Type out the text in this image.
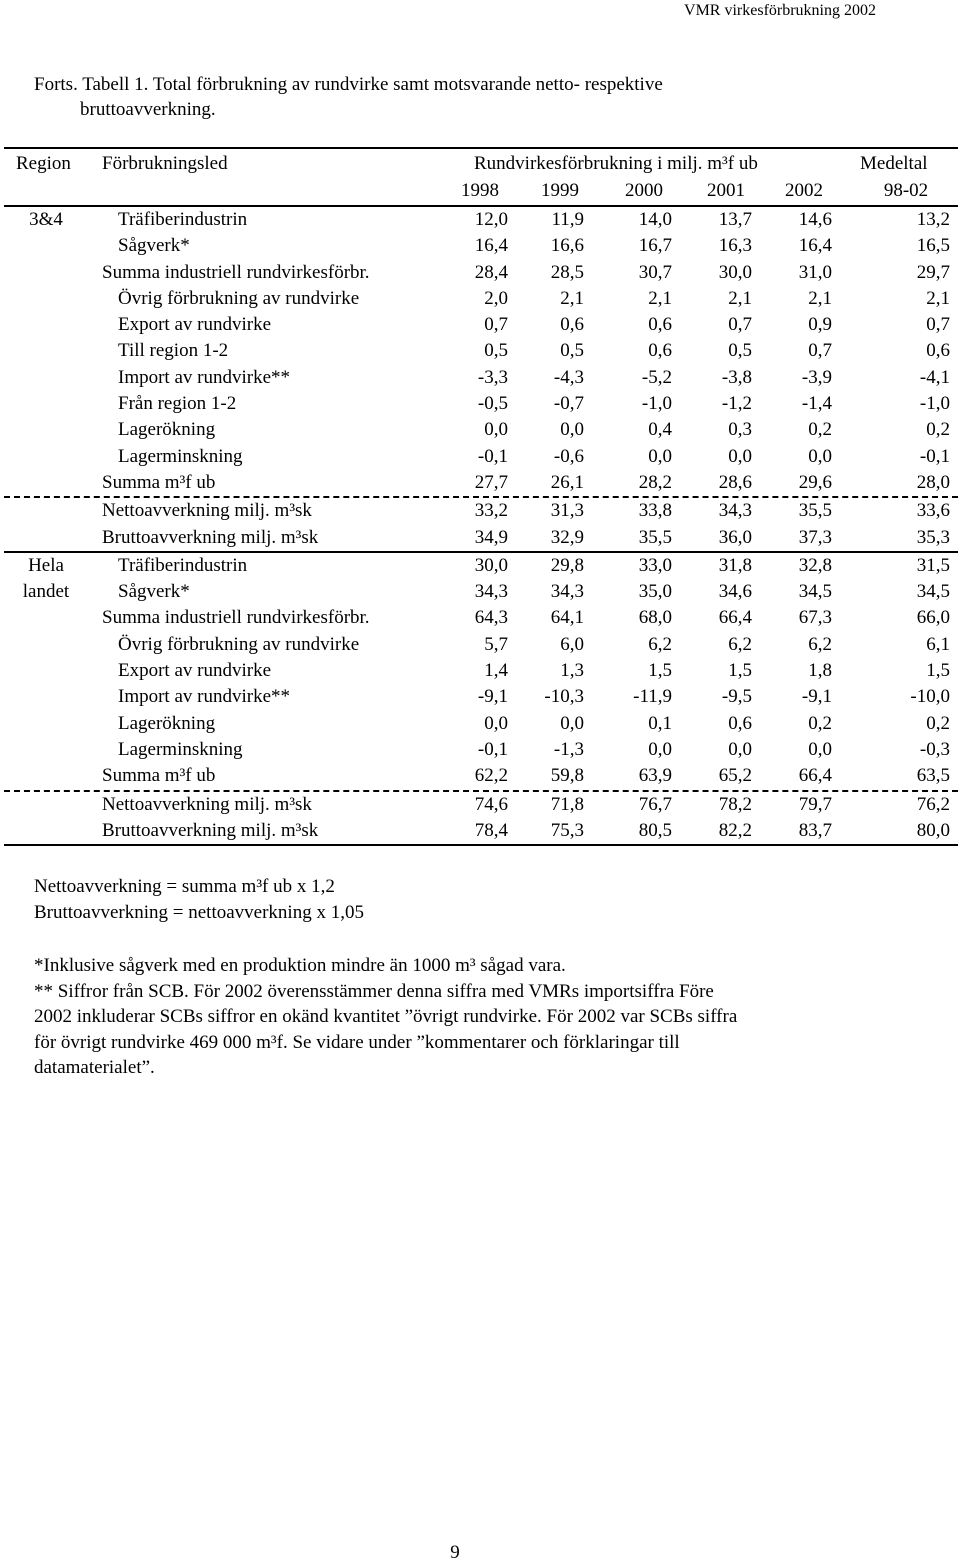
VMR virkesförbrukning 2002
Forts. Tabell 1. Total förbrukning av rundvirke samt motsvarande netto- respektive
bruttoavverkning.
Region Förbrukningsled	Rundvirkesförbrukning i milj. m³f ub	Medeltal
1998	1999	2000	2001	2002	98-02
3&4	Träfiberindustrin	12,0	11,9	14,0	13,7	14,6	13,2
Sågverk*	16,4	16,6	16,7	16,3	16,4	16,5
Summa industriell rundvirkesförbr.	28,4	28,5	30,7	30,0	31,0	29,7
Övrig förbrukning av rundvirke	2,0	2,1	2,1	2,1	2,1	2,1
Export av rundvirke	0,7	0,6	0,6	0,7	0,9	0,7
Till region 1-2	0,5	0,5	0,6	0,5	0,7	0,6
Import av rundvirke**	-3,3	-4,3	-5,2	-3,8	-3,9	-4,1
Från region 1-2	-0,5	-0,7	-1,0	-1,2	-1,4	-1,0
Lagerökning	0,0	0,0	0,4	0,3	0,2	0,2
Lagerminskning	-0,1	-0,6	0,0	0,0	0,0	-0,1
Summa m³f ub	27,7	26,1	28,2	28,6	29,6	28,0
Nettoavverkning milj. m³sk	33,2	31,3	33,8	34,3	35,5	33,6
Bruttoavverkning milj. m³sk	34,9	32,9	35,5	36,0	37,3	35,3
Hela	Träfiberindustrin	30,0	29,8	33,0	31,8	32,8	31,5
landet	Sågverk*	34,3	34,3	35,0	34,6	34,5	34,5
Summa industriell rundvirkesförbr.	64,3	64,1	68,0	66,4	67,3	66,0
Övrig förbrukning av rundvirke	5,7	6,0	6,2	6,2	6,2	6,1
Export av rundvirke	1,4	1,3	1,5	1,5	1,8	1,5
Import av rundvirke**	-9,1	-10,3	-11,9	-9,5	-9,1	-10,0
Lagerökning	0,0	0,0	0,1	0,6	0,2	0,2
Lagerminskning	-0,1	-1,3	0,0	0,0	0,0	-0,3
Summa m³f ub	62,2	59,8	63,9	65,2	66,4	63,5
Nettoavverkning milj. m³sk	74,6	71,8	76,7	78,2	79,7	76,2
Bruttoavverkning milj. m³sk	78,4	75,3	80,5	82,2	83,7	80,0

Nettoavverkning = summa m³f ub x 1,2

Bruttoavverkning = nettoavverkning x 1,05

*Inklusive sågverk med en produktion mindre än 1000 m³ sågad vara.

** Siffror från SCB. För 2002 överensstämmer denna siffra med VMRs importsiffra Före

2002 inkluderar SCBs siffror en okänd kvantitet ”övrigt rundvirke. För 2002 var SCBs siffra

för övrigt rundvirke 469 000 m³f. Se vidare under ”kommentarer och förklaringar till

datamaterialet”.

9
